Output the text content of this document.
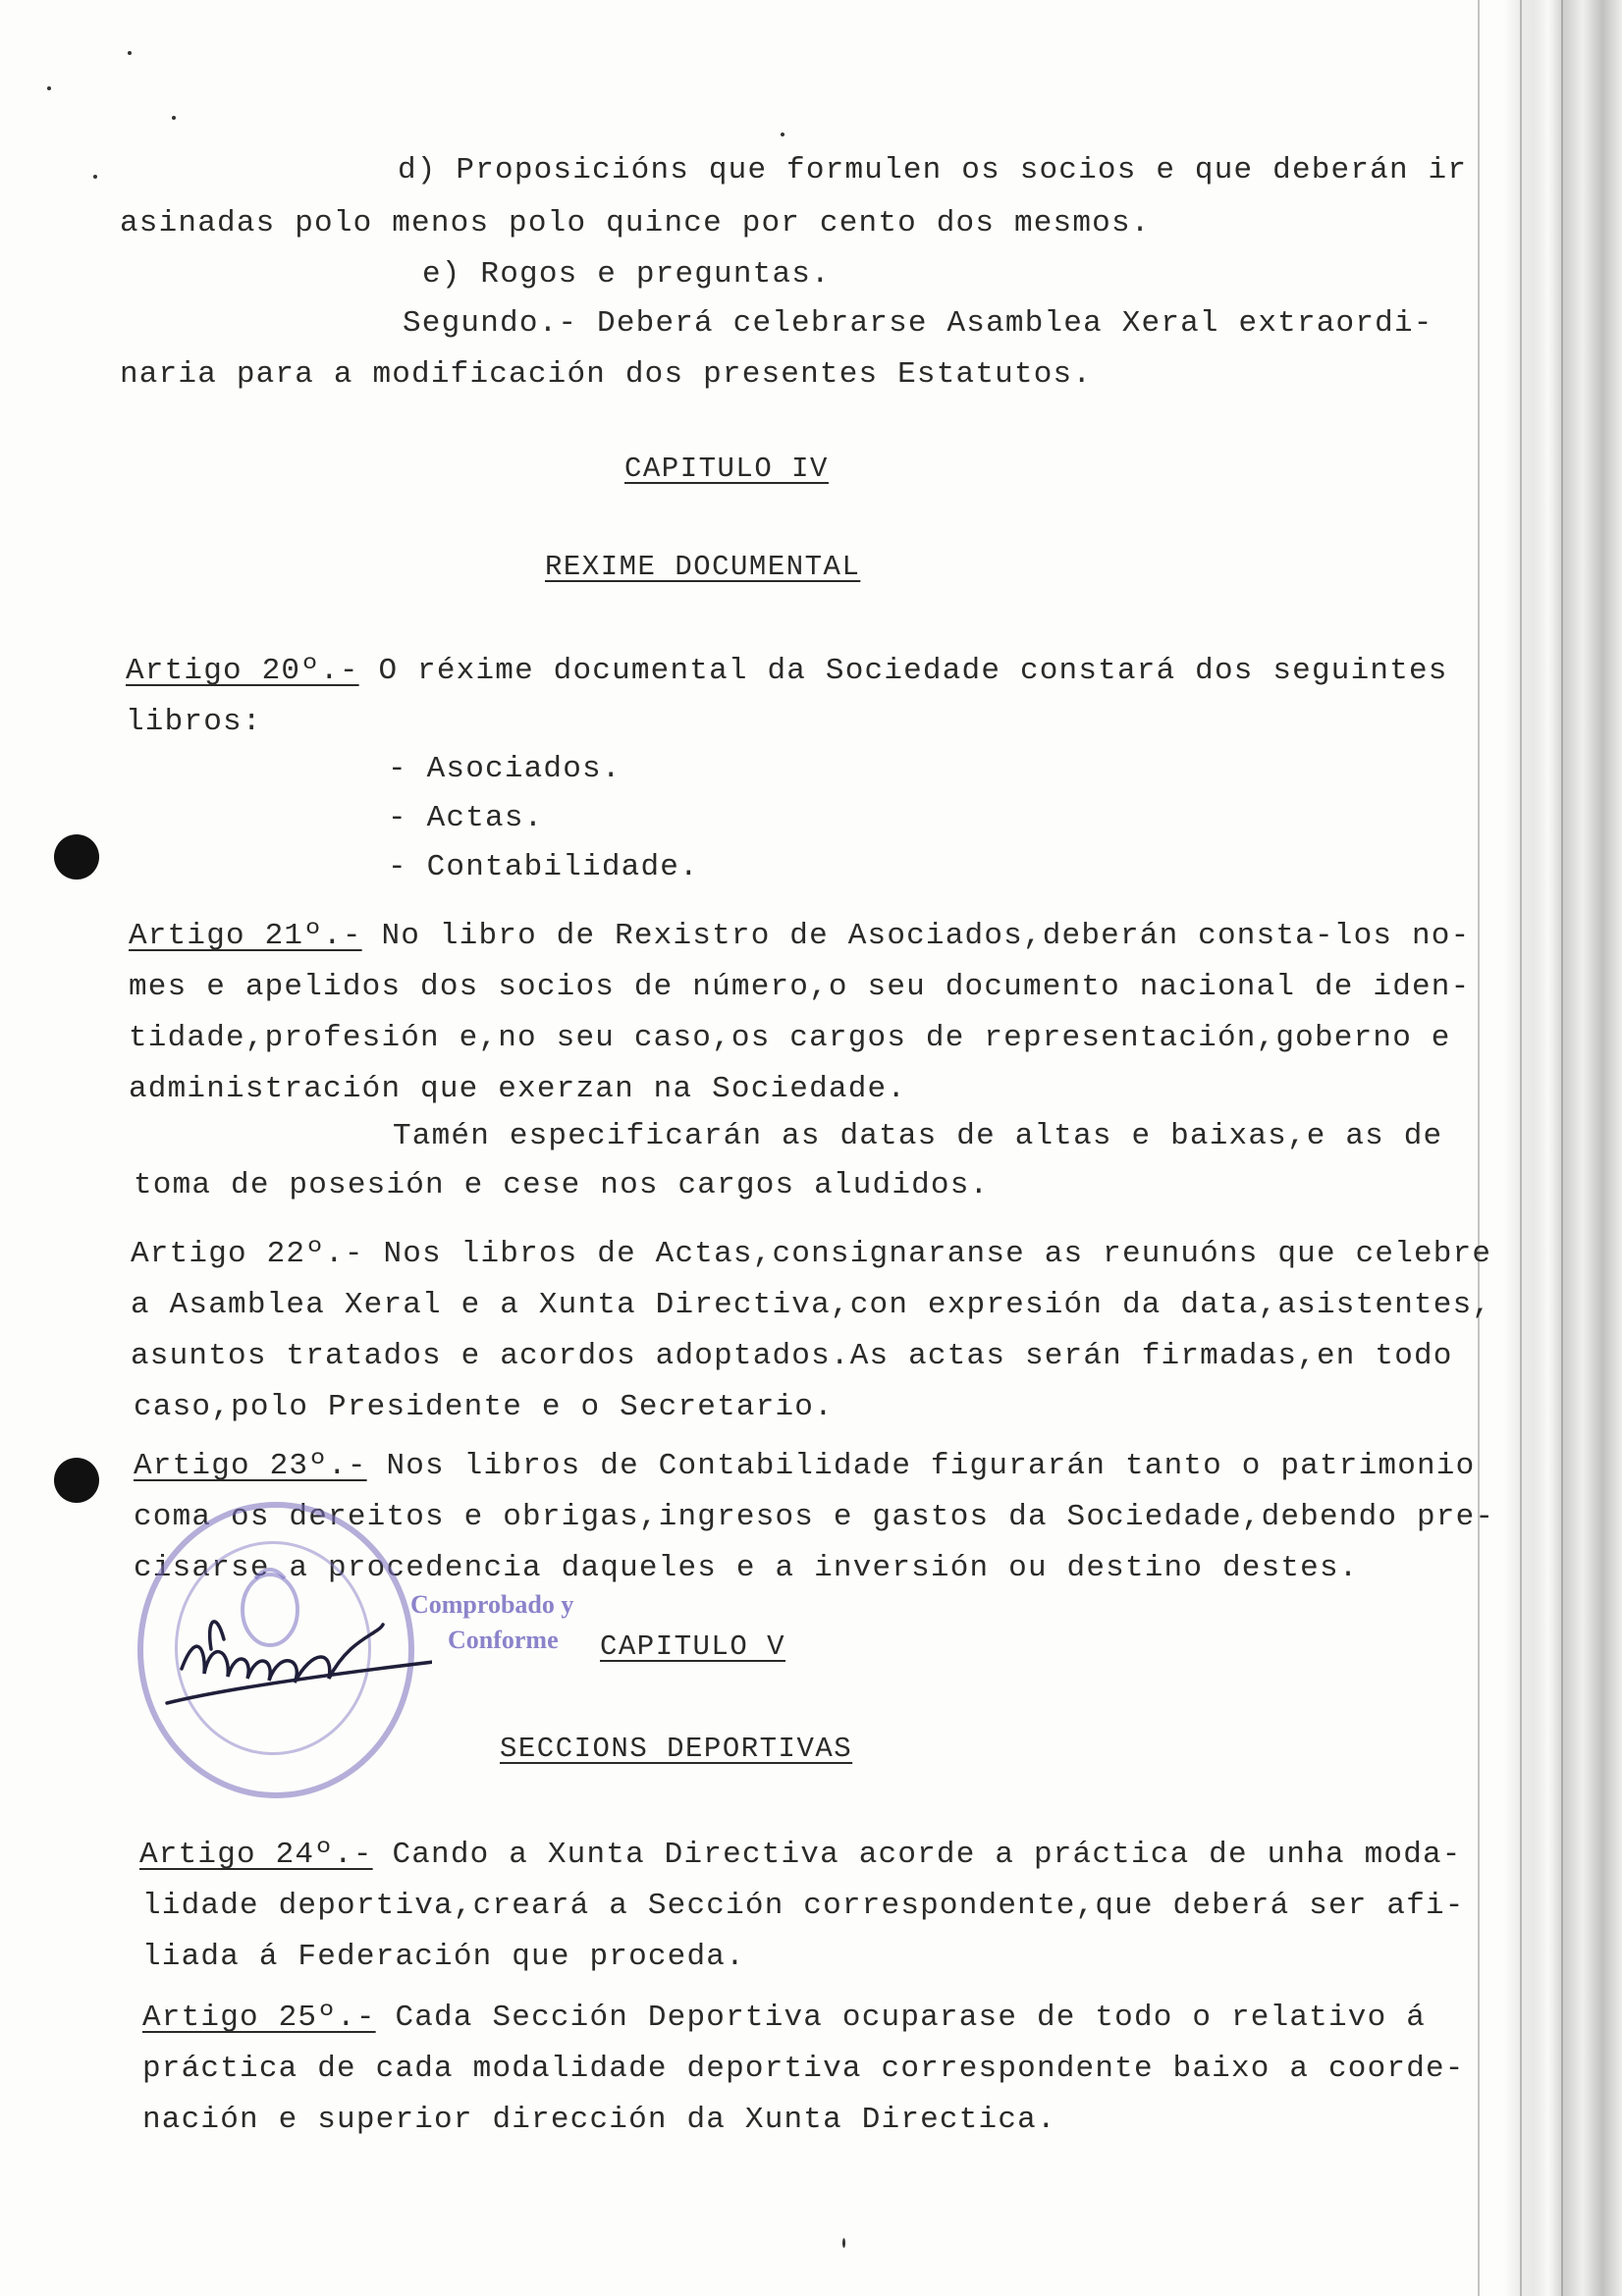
d) Proposicións que formulen os socios e que deberán ir
asinadas polo menos polo quince por cento dos mesmos.
e) Rogos e preguntas.
Segundo.- Deberá celebrarse Asamblea Xeral extraordi-
naria para a modificación dos presentes Estatutos.
CAPITULO IV
REXIME DOCUMENTAL
Artigo 20º.- O réxime documental da Sociedade constará dos seguintes
libros:
- Asociados.
- Actas.
- Contabilidade.
Artigo 21º.- No libro de Rexistro de Asociados,deberán consta-los no-
mes e apelidos dos socios de número,o seu documento nacional de iden-
tidade,profesión e,no seu caso,os cargos de representación,goberno e
administración que exerzan na Sociedade.
Tamén especificarán as datas de altas e baixas,e as de
toma de posesión e cese nos cargos aludidos.
Artigo 22º.- Nos libros de Actas,consignaranse as reunuóns que celebre
a Asamblea Xeral e a Xunta Directiva,con expresión da data,asistentes,
asuntos tratados e acordos adoptados.As actas serán firmadas,en todo
caso,polo Presidente e o Secretario.
Artigo 23º.- Nos libros de Contabilidade figurarán tanto o patrimonio
coma os dereitos e obrigas,ingresos e gastos da Sociedade,debendo pre-
cisarse a procedencia daqueles e a inversión ou destino destes.
Comprobado y
Conforme CAPITULO V
SECCIONS DEPORTIVAS
Artigo 24º.- Cando a Xunta Directiva acorde a práctica de unha moda-
lidade deportiva,creará a Sección correspondente,que deberá ser afi-
liada á Federación que proceda.
Artigo 25º.- Cada Sección Deportiva ocuparase de todo o relativo á
práctica de cada modalidade deportiva correspondente baixo a coorde-
nación e superior dirección da Xunta Directica.
